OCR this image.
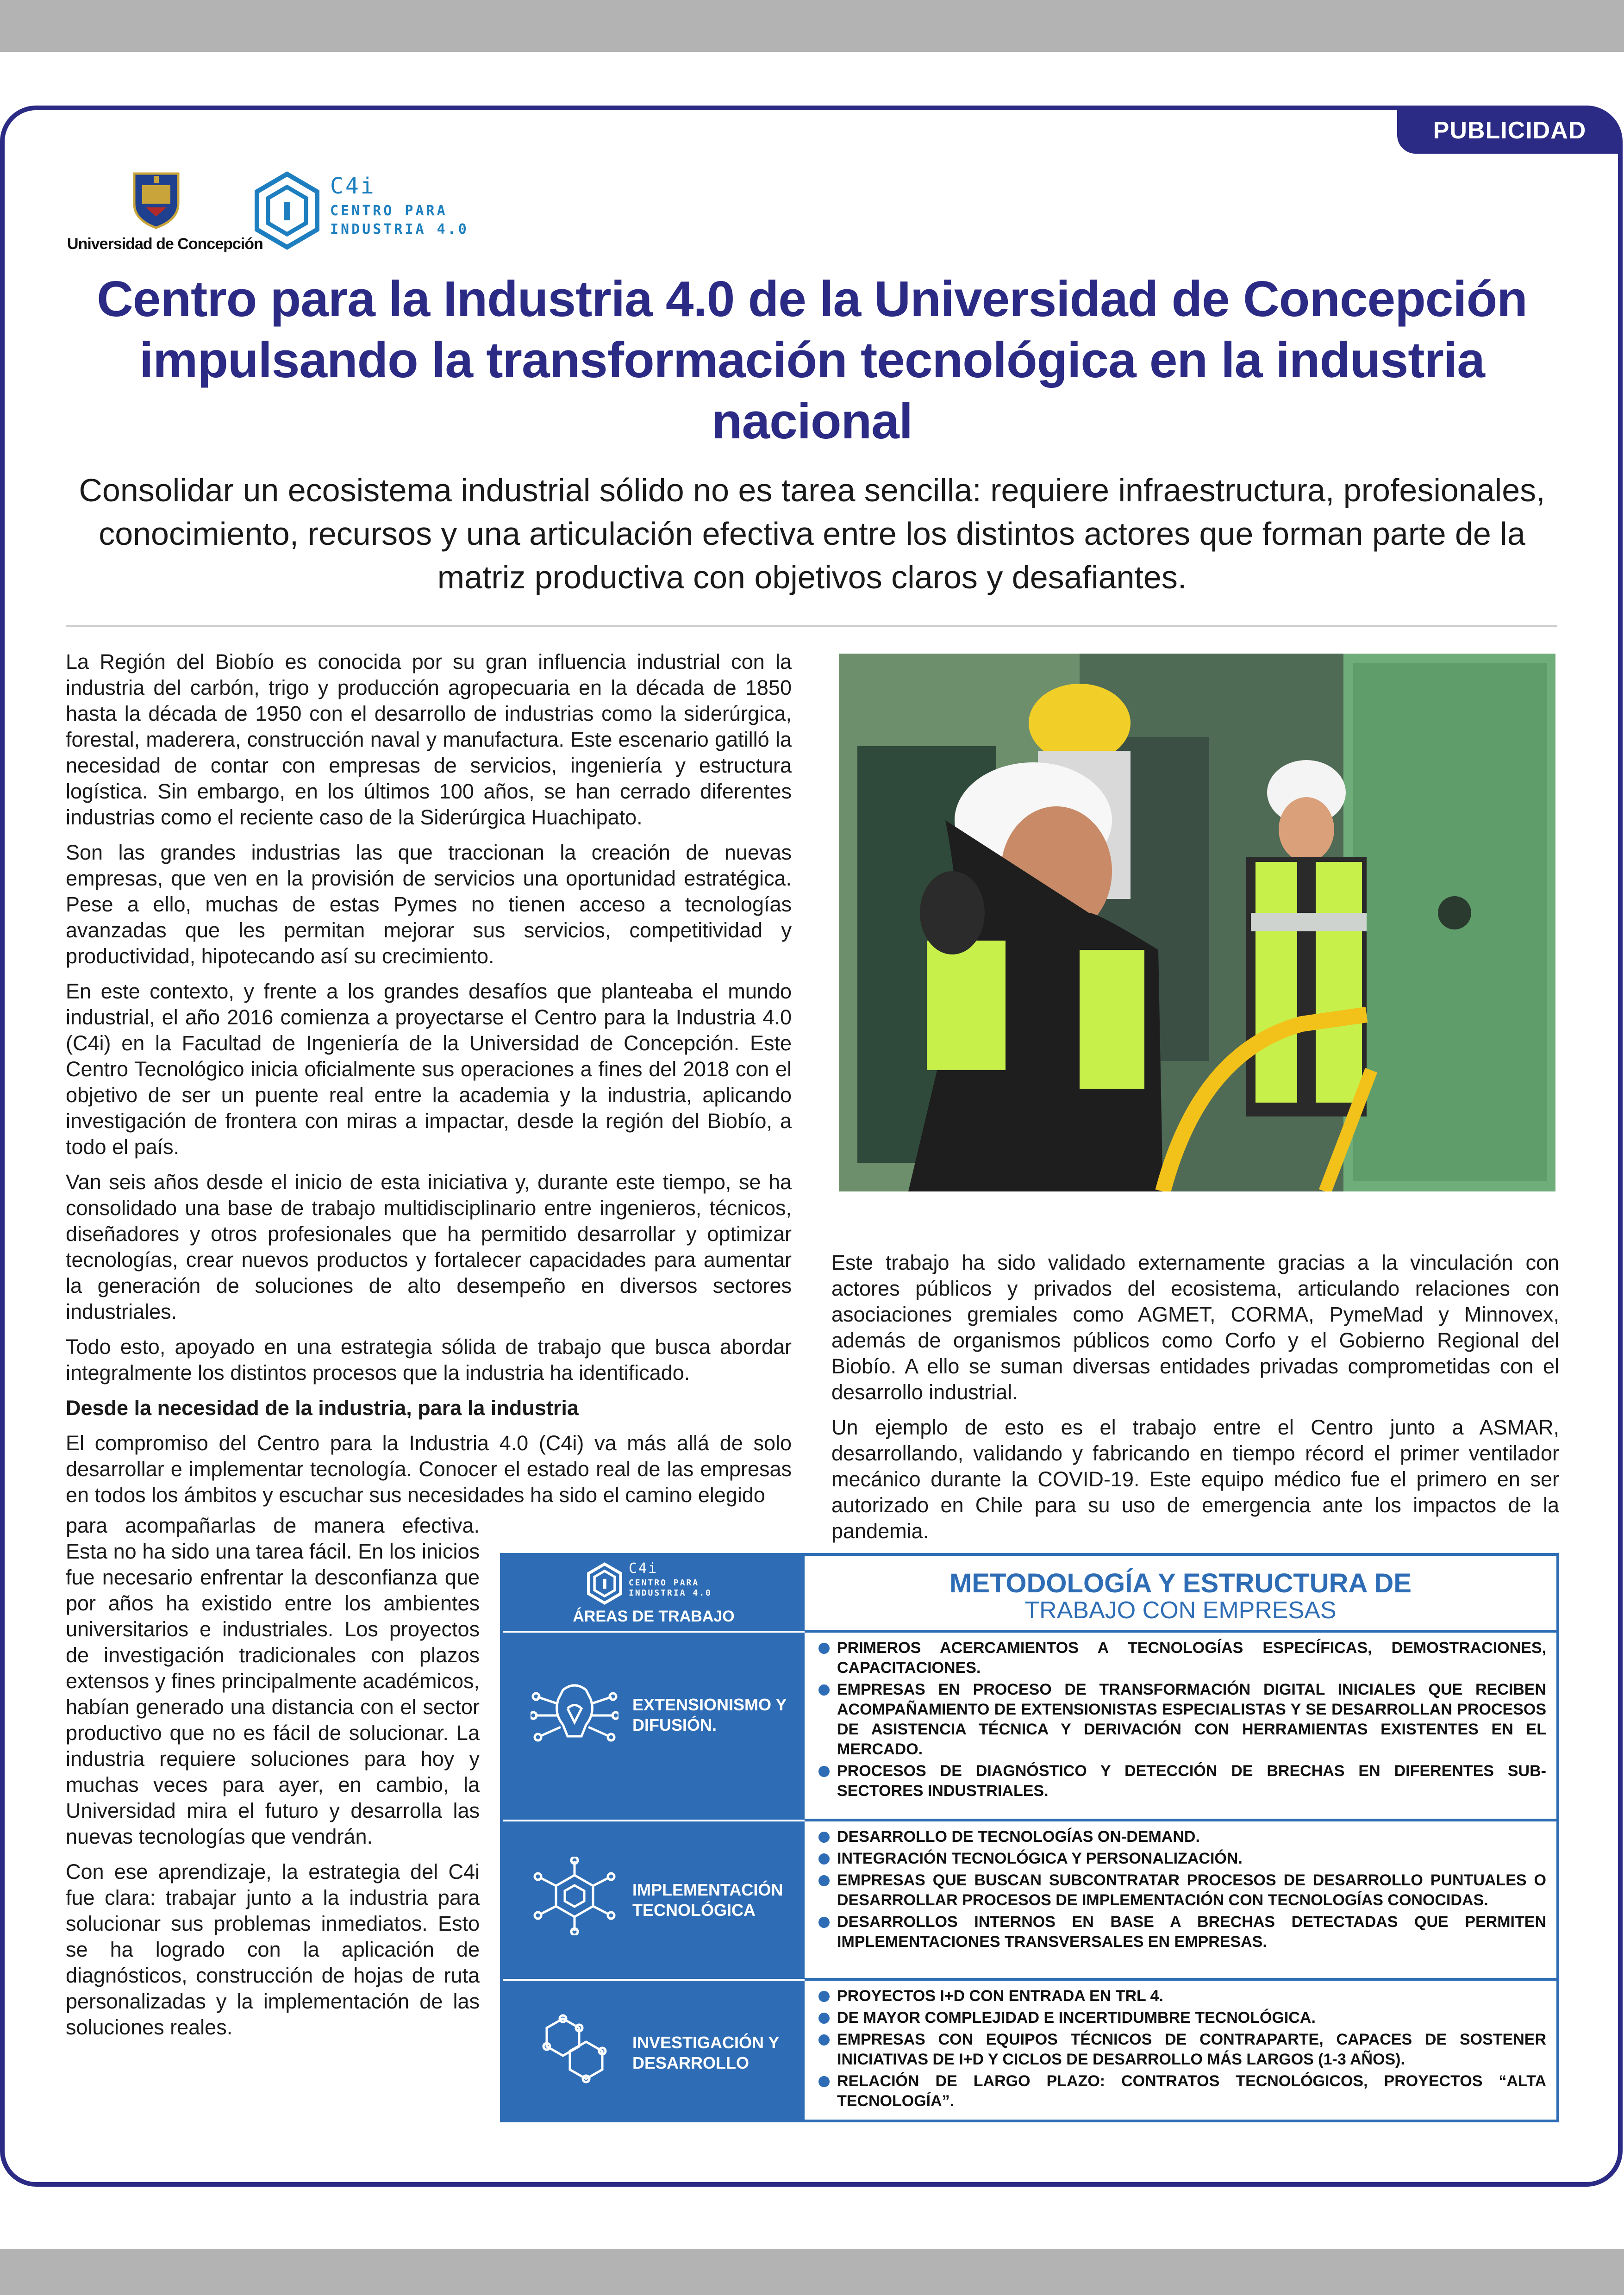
PUBLICIDAD
Universidad de Concepción
C4i
CENTRO PARA
INDUSTRIA 4.0
Centro para la Industria 4.0 de la Universidad de Concepción impulsando la transformación tecnológica en la industria nacional
Consolidar un ecosistema industrial sólido no es tarea sencilla: requiere infraestructura, profesionales, conocimiento, recursos y una articulación efectiva entre los distintos actores que forman parte de la matriz productiva con objetivos claros y desafiantes.

La Región del Biobío es conocida por su gran influencia industrial con la industria del carbón, trigo y producción agropecuaria en la década de 1850 hasta la década de 1950 con el desarrollo de industrias como la siderúrgica, forestal, maderera, construcción naval y manufactura. Este escenario gatilló la necesidad de contar con empresas de servicios, ingeniería y estructura logística. Sin embargo, en los últimos 100 años, se han cerrado diferentes industrias como el reciente caso de la Siderúrgica Huachipato.

Son las grandes industrias las que traccionan la creación de nuevas empresas, que ven en la provisión de servicios una oportunidad estratégica. Pese a ello, muchas de estas Pymes no tienen acceso a tecnologías avanzadas que les permitan mejorar sus servicios, competitividad y productividad, hipotecando así su crecimiento.

En este contexto, y frente a los grandes desafíos que planteaba el mundo industrial, el año 2016 comienza a proyectarse el Centro para la Industria 4.0 (C4i) en la Facultad de Ingeniería de la Universidad de Concepción. Este Centro Tecnológico inicia oficialmente sus operaciones a fines del 2018 con el objetivo de ser un puente real entre la academia y la industria, aplicando investigación de frontera con miras a impactar, desde la región del Biobío, a todo el país.

Van seis años desde el inicio de esta iniciativa y, durante este tiempo, se ha consolidado una base de trabajo multidisciplinario entre ingenieros, técnicos, diseñadores y otros profesionales que ha permitido desarrollar y optimizar tecnologías, crear nuevos productos y fortalecer capacidades para aumentar la generación de soluciones de alto desempeño en diversos sectores industriales.

Todo esto, apoyado en una estrategia sólida de trabajo que busca abordar integralmente los distintos procesos que la industria ha identificado.

Desde la necesidad de la industria, para la industria

El compromiso del Centro para la Industria 4.0 (C4i) va más allá de solo desarrollar e implementar tecnología. Conocer el estado real de las empresas en todos los ámbitos y escuchar sus necesidades ha sido el camino elegido

para acompañarlas de manera efectiva. Esta no ha sido una tarea fácil. En los inicios fue necesario enfrentar la desconfianza que por años ha existido entre los ambientes universitarios e industriales. Los proyectos de investigación tradicionales con plazos extensos y fines principalmente académicos, habían generado una distancia con el sector productivo que no es fácil de solucionar. La industria requiere soluciones para hoy y muchas veces para ayer, en cambio, la Universidad mira el futuro y desarrolla las nuevas tecnologías que vendrán.

Con ese aprendizaje, la estrategia del C4i fue clara: trabajar junto a la industria para solucionar sus problemas inmediatos. Esto se ha logrado con la aplicación de diagnósticos, construcción de hojas de ruta personalizadas y la implementación de las soluciones reales.

Este trabajo ha sido validado externamente gracias a la vinculación con actores públicos y privados del ecosistema, articulando relaciones con asociaciones gremiales como AGMET, CORMA, PymeMad y Minnovex, además de organismos públicos como Corfo y el Gobierno Regional del Biobío. A ello se suman diversas entidades privadas comprometidas con el desarrollo industrial.

Un ejemplo de esto es el trabajo entre el Centro junto a ASMAR, desarrollando, validando y fabricando en tiempo récord el primer ventilador mecánico durante la COVID-19. Este equipo médico fue el primero en ser autorizado en Chile para su uso de emergencia ante los impactos de la pandemia.

C4i
CENTRO PARA
INDUSTRIA 4.0
ÁREAS DE TRABAJO
METODOLOGÍA Y ESTRUCTURA DE
TRABAJO CON EMPRESAS
EXTENSIONISMO Y DIFUSIÓN.
PRIMEROS ACERCAMIENTOS A TECNOLOGÍAS ESPECÍFICAS, DEMOSTRACIONES, CAPACITACIONES.
EMPRESAS EN PROCESO DE TRANSFORMACIÓN DIGITAL INICIALES QUE RECIBEN ACOMPAÑAMIENTO DE EXTENSIONISTAS ESPECIALISTAS Y SE DESARROLLAN PROCESOS DE ASISTENCIA TÉCNICA Y DERIVACIÓN CON HERRAMIENTAS EXISTENTES EN EL MERCADO.
PROCESOS DE DIAGNÓSTICO Y DETECCIÓN DE BRECHAS EN DIFERENTES SUB-SECTORES INDUSTRIALES.
IMPLEMENTACIÓN TECNOLÓGICA
DESARROLLO DE TECNOLOGÍAS ON-DEMAND.
INTEGRACIÓN TECNOLÓGICA Y PERSONALIZACIÓN.
EMPRESAS QUE BUSCAN SUBCONTRATAR PROCESOS DE DESARROLLO PUNTUALES O DESARROLLAR PROCESOS DE IMPLEMENTACIÓN CON TECNOLOGÍAS CONOCIDAS.
DESARROLLOS INTERNOS EN BASE A BRECHAS DETECTADAS QUE PERMITEN IMPLEMENTACIONES TRANSVERSALES EN EMPRESAS.
INVESTIGACIÓN Y DESARROLLO
PROYECTOS I+D CON ENTRADA EN TRL 4.
DE MAYOR COMPLEJIDAD E INCERTIDUMBRE TECNOLÓGICA.
EMPRESAS CON EQUIPOS TÉCNICOS DE CONTRAPARTE, CAPACES DE SOSTENER INICIATIVAS DE I+D Y CICLOS DE DESARROLLO MÁS LARGOS (1-3 AÑOS).
RELACIÓN DE LARGO PLAZO: CONTRATOS TECNOLÓGICOS, PROYECTOS “ALTA TECNOLOGÍA”.
